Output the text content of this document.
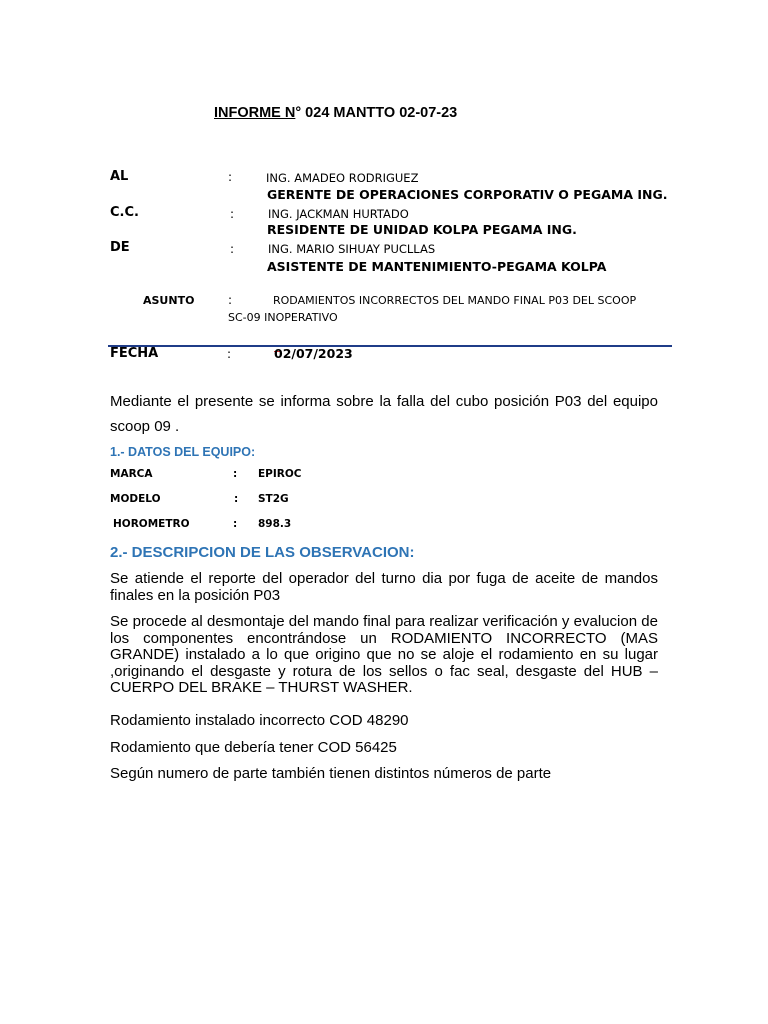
INFORME N° 024 MANTTO 02-07-23
AL	:	ING. AMADEO RODRIGUEZ
GERENTE DE OPERACIONES CORPORATIV O PEGAMA ING.
C.C.	:	ING. JACKMAN HURTADO
RESIDENTE DE UNIDAD KOLPA PEGAMA ING.
DE	:	ING. MARIO SIHUAY PUCLLAS
ASISTENTE DE MANTENIMIENTO-PEGAMA KOLPA
ASUNTO	:	RODAMIENTOS INCORRECTOS DEL MANDO FINAL P03 DEL SCOOP
SC-09 INOPERATIVO
FECHA	:	02/07/2023
Mediante el presente se informa sobre la falla del cubo posición P03 del equipo scoop 09 .
1.- DATOS DEL EQUIPO:
MARCA	: EPIROC
MODELO	: ST2G
HOROMETRO	: 898.3
2.- DESCRIPCION DE LAS OBSERVACION:
Se atiende el reporte del operador del turno dia por fuga de aceite de mandos finales en la posición P03
Se procede al desmontaje del mando final para realizar verificación y evalucion de los componentes encontrándose un RODAMIENTO INCORRECTO (MAS GRANDE) instalado a lo que origino que no se aloje el rodamiento en su lugar ,originando el desgaste y rotura de los sellos o fac seal, desgaste del HUB – CUERPO DEL BRAKE – THURST WASHER.
Rodamiento instalado incorrecto COD 48290
Rodamiento que debería tener COD 56425
Según numero de parte también tienen distintos números de parte
